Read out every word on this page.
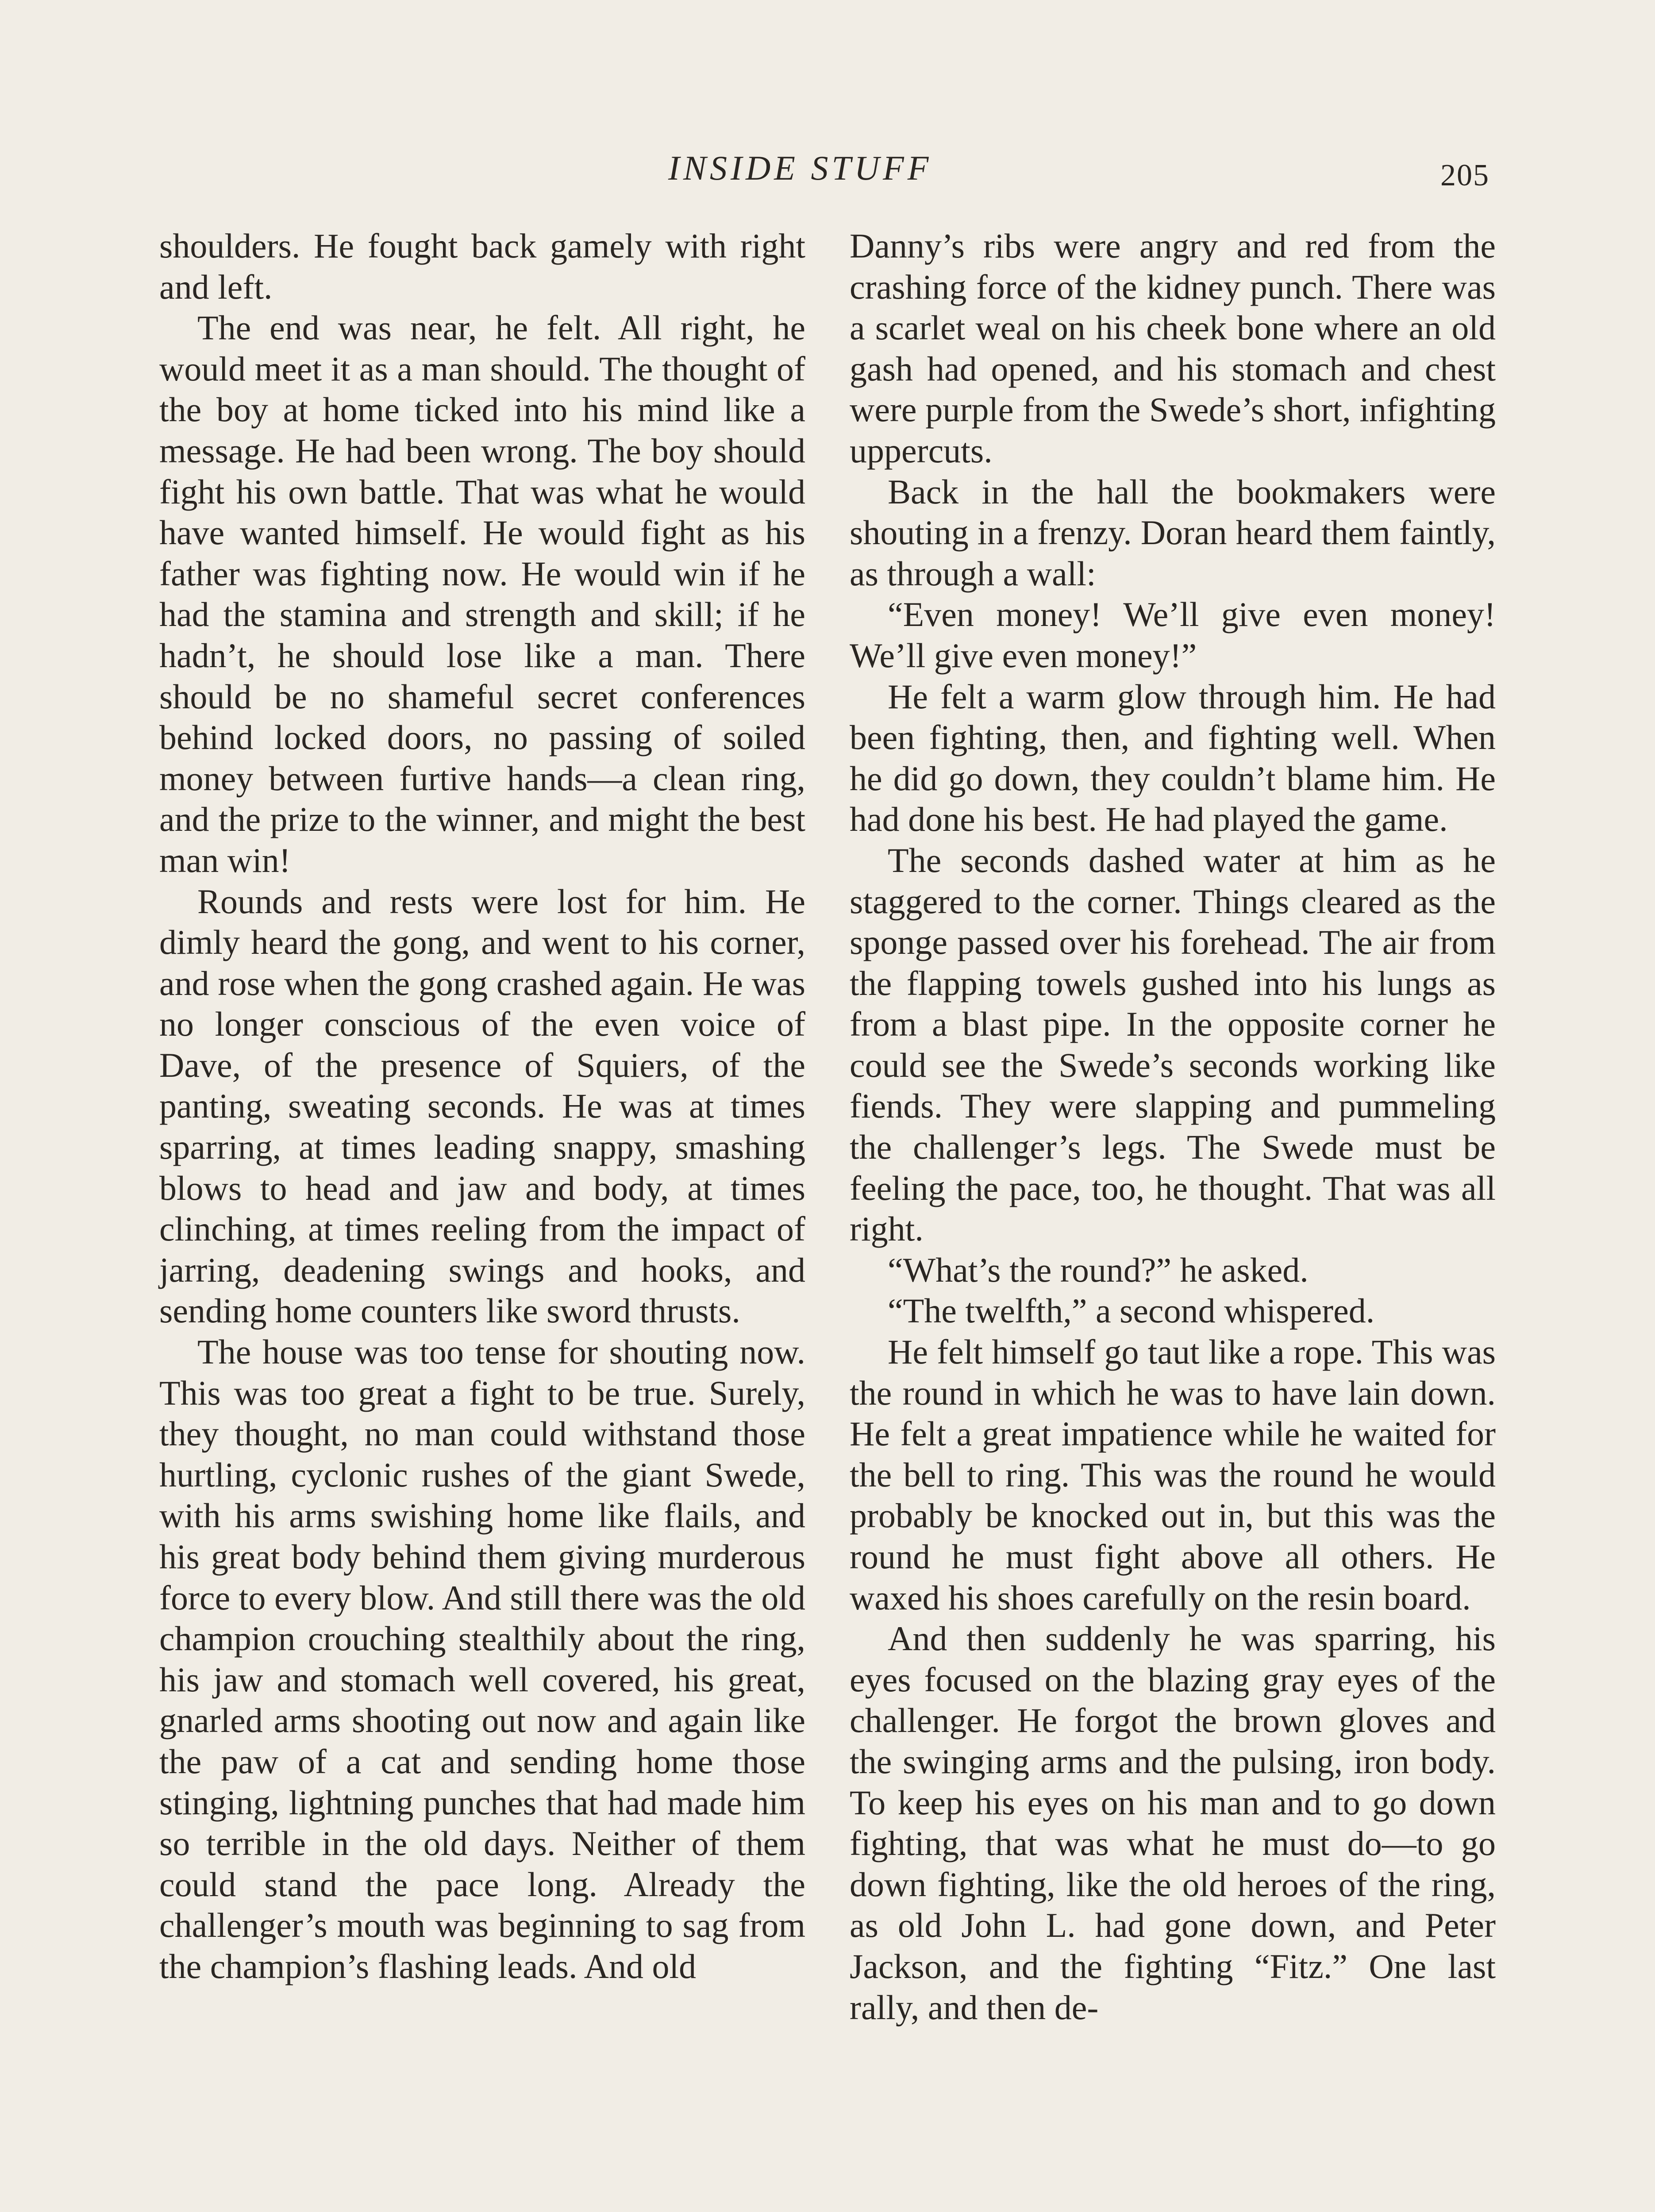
INSIDE STUFF	205

shoulders. He fought back gamely with right and left.

The end was near, he felt. All right, he would meet it as a man should. The thought of the boy at home ticked into his mind like a message. He had been wrong. The boy should fight his own battle. That was what he would have wanted himself. He would fight as his father was fighting now. He would win if he had the stamina and strength and skill; if he hadn’t, he should lose like a man. There should be no shameful secret conferences behind locked doors, no passing of soiled money between furtive hands—a clean ring, and the prize to the winner, and might the best man win!

Rounds and rests were lost for him. He dimly heard the gong, and went to his corner, and rose when the gong crashed again. He was no longer conscious of the even voice of Dave, of the presence of Squiers, of the panting, sweating seconds. He was at times sparring, at times leading snappy, smashing blows to head and jaw and body, at times clinching, at times reeling from the impact of jarring, deadening swings and hooks, and sending home counters like sword thrusts.

The house was too tense for shouting now. This was too great a fight to be true. Surely, they thought, no man could withstand those hurtling, cyclonic rushes of the giant Swede, with his arms swishing home like flails, and his great body behind them giving murderous force to every blow. And still there was the old champion crouching stealthily about the ring, his jaw and stomach well covered, his great, gnarled arms shooting out now and again like the paw of a cat and sending home those stinging, lightning punches that had made him so terrible in the old days. Neither of them could stand the pace long. Already the challenger’s mouth was beginning to sag from the champion’s flashing leads. And old

Danny’s ribs were angry and red from the crashing force of the kidney punch. There was a scarlet weal on his cheek bone where an old gash had opened, and his stomach and chest were purple from the Swede’s short, infighting uppercuts.

Back in the hall the bookmakers were shouting in a frenzy. Doran heard them faintly, as through a wall:

“Even money! We’ll give even money! We’ll give even money!”

He felt a warm glow through him. He had been fighting, then, and fighting well. When he did go down, they couldn’t blame him. He had done his best. He had played the game.

The seconds dashed water at him as he staggered to the corner. Things cleared as the sponge passed over his forehead. The air from the flapping towels gushed into his lungs as from a blast pipe. In the opposite corner he could see the Swede’s seconds working like fiends. They were slapping and pummeling the challenger’s legs. The Swede must be feeling the pace, too, he thought. That was all right.

“What’s the round?” he asked.

“The twelfth,” a second whispered.

He felt himself go taut like a rope. This was the round in which he was to have lain down. He felt a great impatience while he waited for the bell to ring. This was the round he would probably be knocked out in, but this was the round he must fight above all others. He waxed his shoes carefully on the resin board.

And then suddenly he was sparring, his eyes focused on the blazing gray eyes of the challenger. He forgot the brown gloves and the swinging arms and the pulsing, iron body. To keep his eyes on his man and to go down fighting, that was what he must do—to go down fighting, like the old heroes of the ring, as old John L. had gone down, and Peter Jackson, and the fighting “Fitz.” One last rally, and then de-
